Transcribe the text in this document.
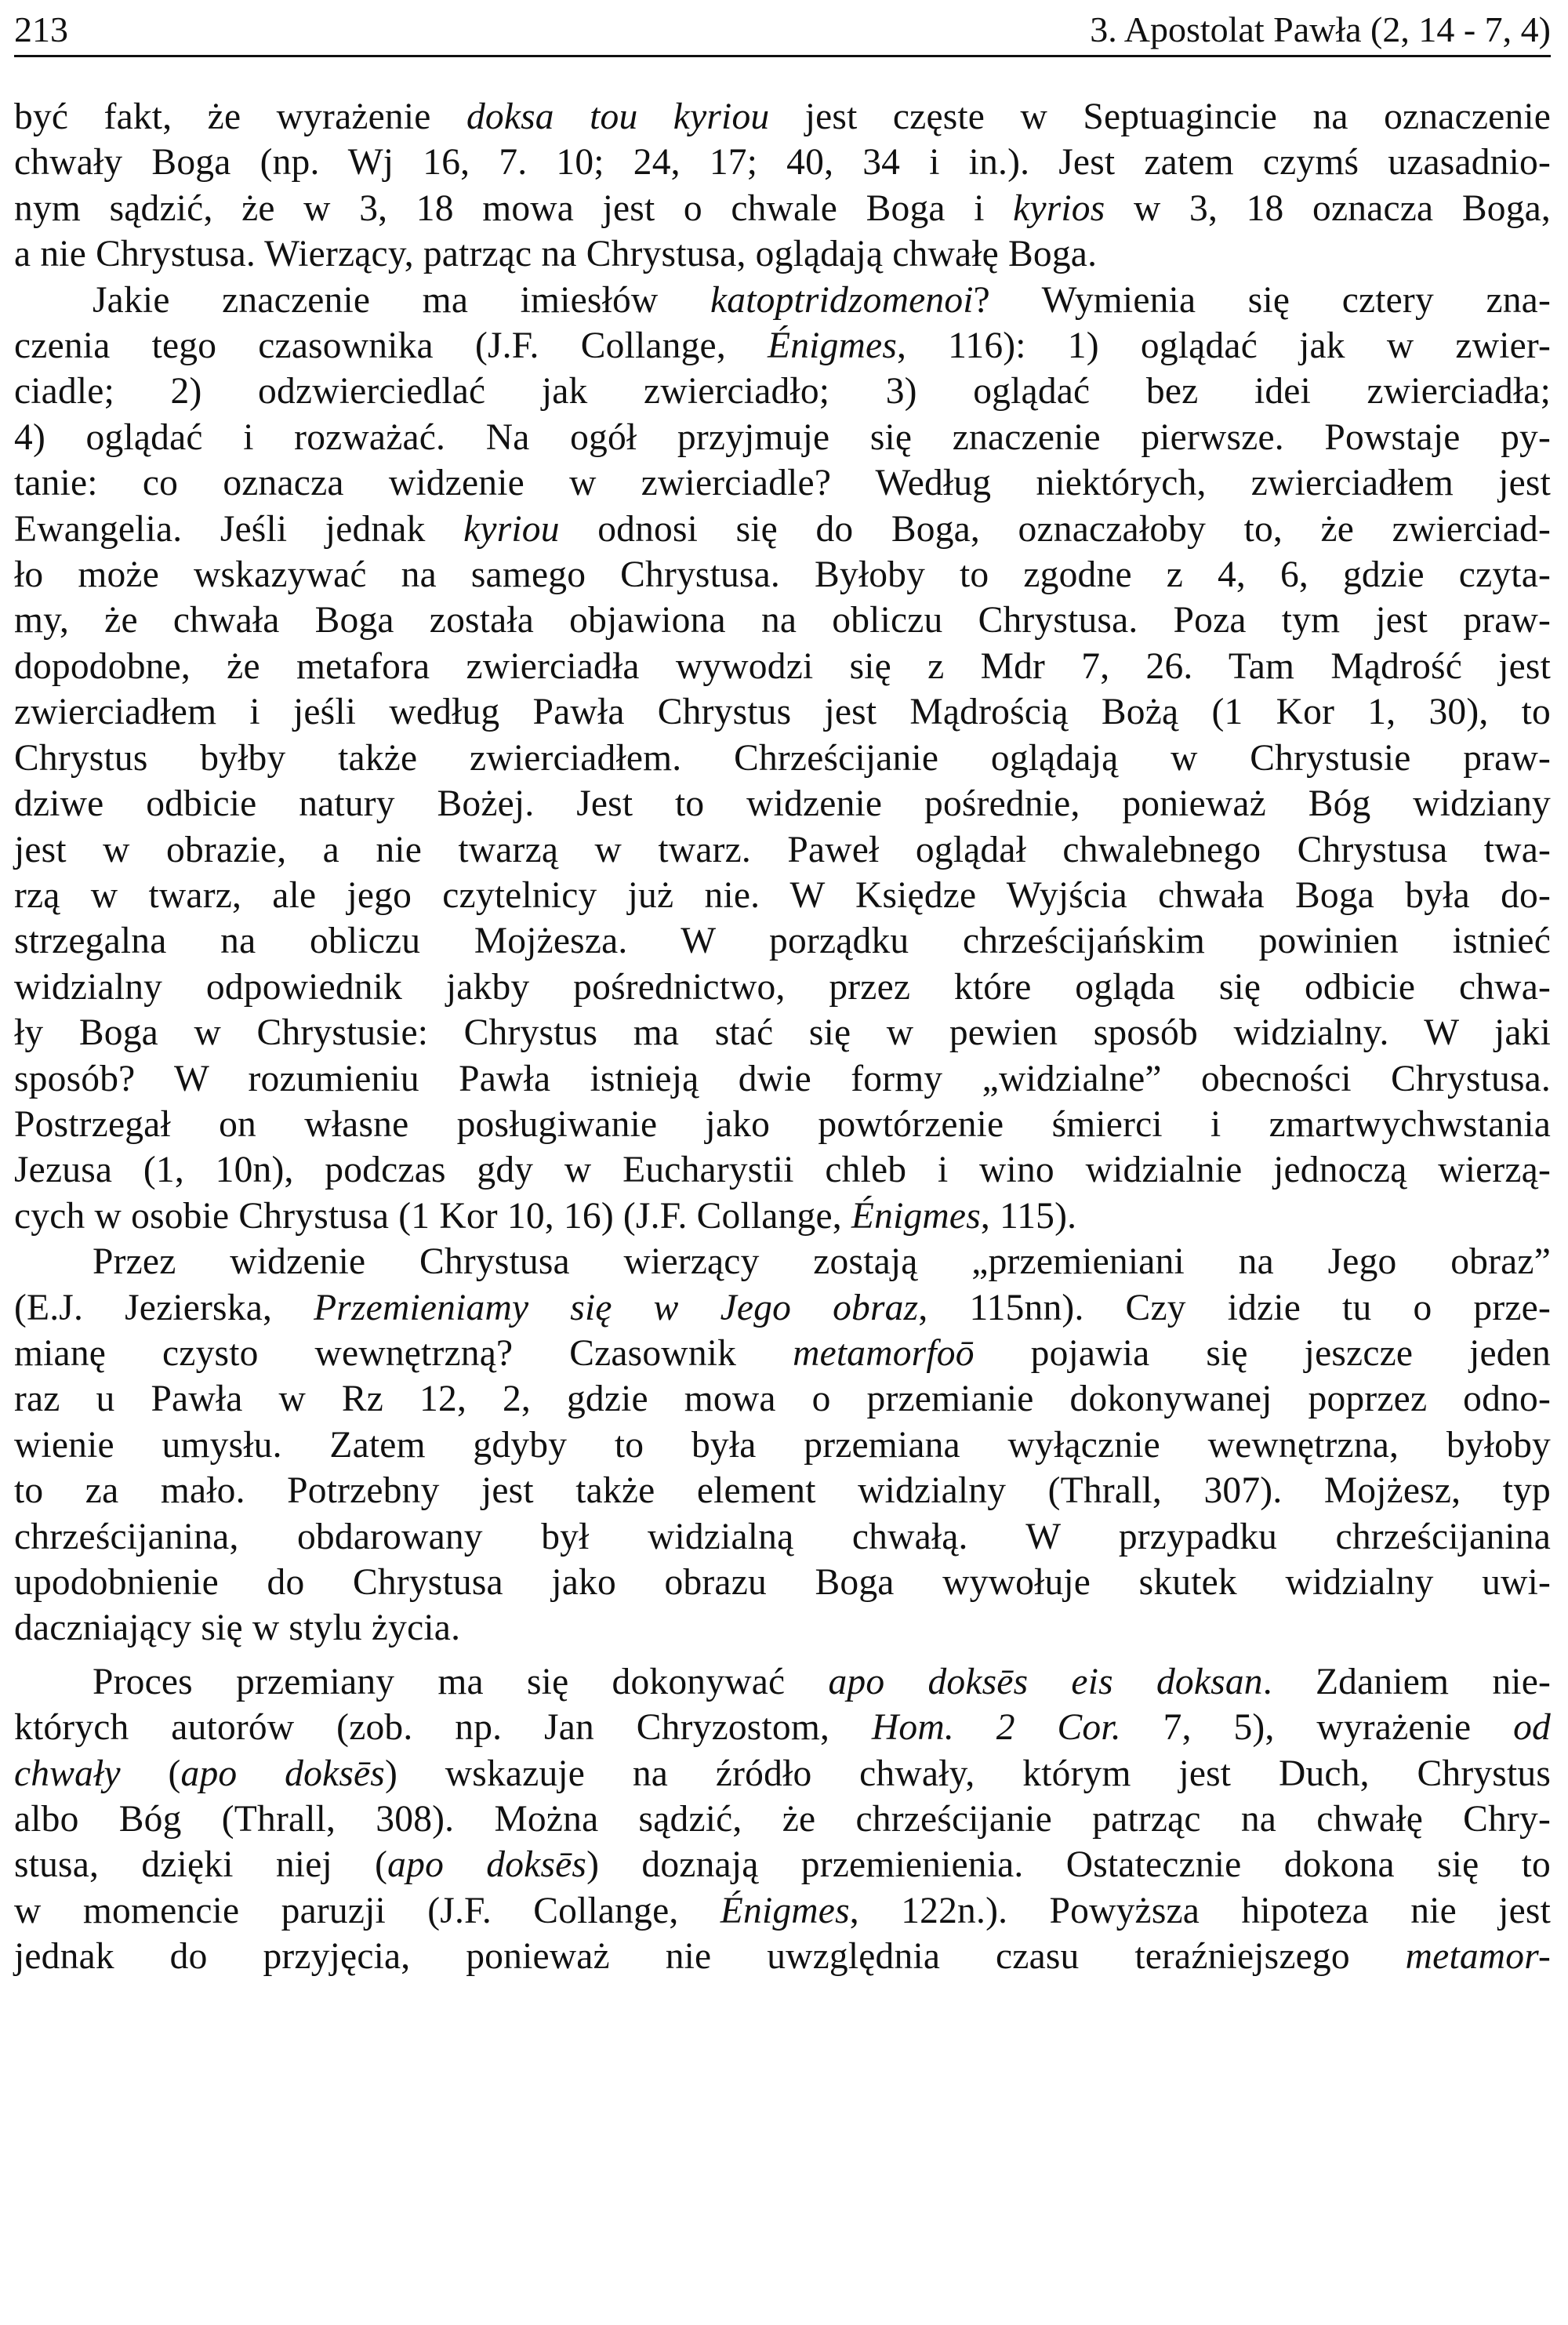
213	3. Apostolat Pawła (2, 14 - 7, 4)
być fakt, że wyrażenie doksa tou kyriou jest częste w Septuagincie na oznaczenie
chwały Boga (np. Wj 16, 7. 10; 24, 17; 40, 34 i in.). Jest zatem czymś uzasadnio-
nym sądzić, że w 3, 18 mowa jest o chwale Boga i kyrios w 3, 18 oznacza Boga,
a nie Chrystusa. Wierzący, patrząc na Chrystusa, oglądają chwałę Boga.
Jakie znaczenie ma imiesłów katoptridzomenoi? Wymienia się cztery zna-
czenia tego czasownika (J.F. Collange, Énigmes, 116): 1) oglądać jak w zwier-
ciadle; 2) odzwierciedlać jak zwierciadło; 3) oglądać bez idei zwierciadła;
4) oglądać i rozważać. Na ogół przyjmuje się znaczenie pierwsze. Powstaje py-
tanie: co oznacza widzenie w zwierciadle? Według niektórych, zwierciadłem jest
Ewangelia. Jeśli jednak kyriou odnosi się do Boga, oznaczałoby to, że zwierciad-
ło może wskazywać na samego Chrystusa. Byłoby to zgodne z 4, 6, gdzie czyta-
my, że chwała Boga została objawiona na obliczu Chrystusa. Poza tym jest praw-
dopodobne, że metafora zwierciadła wywodzi się z Mdr 7, 26. Tam Mądrość jest
zwierciadłem i jeśli według Pawła Chrystus jest Mądrością Bożą (1 Kor 1, 30), to
Chrystus byłby także zwierciadłem. Chrześcijanie oglądają w Chrystusie praw-
dziwe odbicie natury Bożej. Jest to widzenie pośrednie, ponieważ Bóg widziany
jest w obrazie, a nie twarzą w twarz. Paweł oglądał chwalebnego Chrystusa twa-
rzą w twarz, ale jego czytelnicy już nie. W Księdze Wyjścia chwała Boga była do-
strzegalna na obliczu Mojżesza. W porządku chrześcijańskim powinien istnieć
widzialny odpowiednik jakby pośrednictwo, przez które ogląda się odbicie chwa-
ły Boga w Chrystusie: Chrystus ma stać się w pewien sposób widzialny. W jaki
sposób? W rozumieniu Pawła istnieją dwie formy „widzialne” obecności Chrystusa.
Postrzegał on własne posługiwanie jako powtórzenie śmierci i zmartwychwstania
Jezusa (1, 10n), podczas gdy w Eucharystii chleb i wino widzialnie jednoczą wierzą-
cych w osobie Chrystusa (1 Kor 10, 16) (J.F. Collange, Énigmes, 115).
Przez widzenie Chrystusa wierzący zostają „przemieniani na Jego obraz”
(E.J. Jezierska, Przemieniamy się w Jego obraz, 115nn). Czy idzie tu o prze-
mianę czysto wewnętrzną? Czasownik metamorfoō pojawia się jeszcze jeden
raz u Pawła w Rz 12, 2, gdzie mowa o przemianie dokonywanej poprzez odno-
wienie umysłu. Zatem gdyby to była przemiana wyłącznie wewnętrzna, byłoby
to za mało. Potrzebny jest także element widzialny (Thrall, 307). Mojżesz, typ
chrześcijanina, obdarowany był widzialną chwałą. W przypadku chrześcijanina
upodobnienie do Chrystusa jako obrazu Boga wywołuje skutek widzialny uwi-
daczniający się w stylu życia.
Proces przemiany ma się dokonywać apo doksēs eis doksan. Zdaniem nie-
których autorów (zob. np. Jan Chryzostom, Hom. 2 Cor. 7, 5), wyrażenie od
chwały (apo doksēs) wskazuje na źródło chwały, którym jest Duch, Chrystus
albo Bóg (Thrall, 308). Można sądzić, że chrześcijanie patrząc na chwałę Chry-
stusa, dzięki niej (apo doksēs) doznają przemienienia. Ostatecznie dokona się to
w momencie paruzji (J.F. Collange, Énigmes, 122n.). Powyższa hipoteza nie jest
jednak do przyjęcia, ponieważ nie uwzględnia czasu teraźniejszego metamor-
